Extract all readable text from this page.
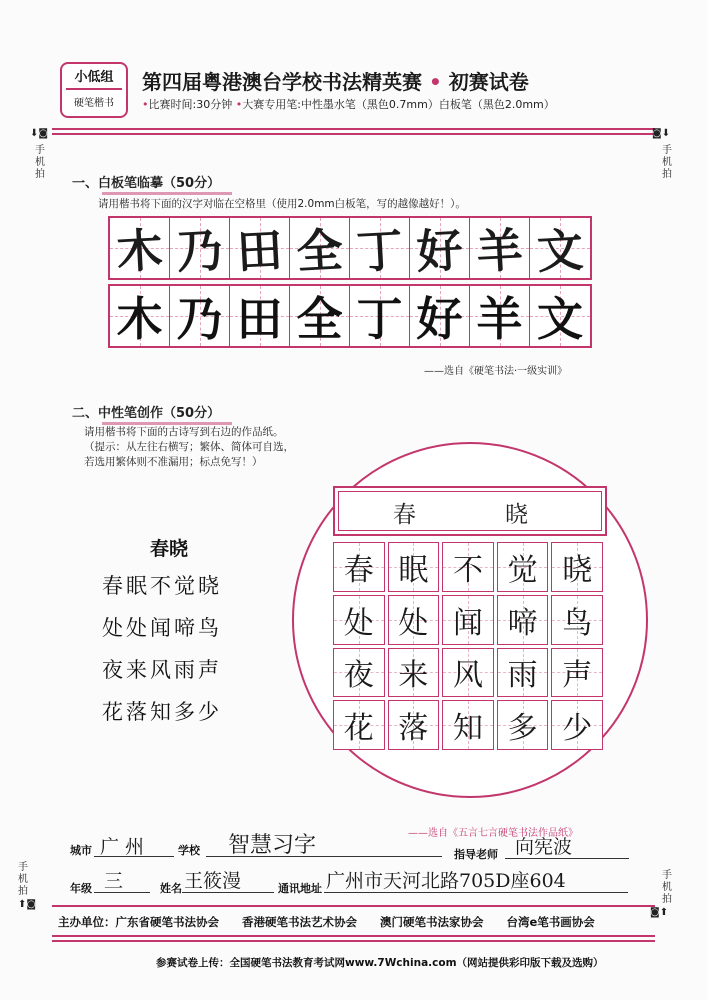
小低组
硬笔楷书
第四届粤港澳台学校书法精英赛 • 初赛试卷
•比赛时间:30分钟 •大赛专用笔:中性墨水笔（黑色0.7mm）白板笔（黑色2.0mm）
⬇◙
手机拍
◙⬇
手机拍
手机拍
⬆◙
手机拍
◙⬆
一、白板笔临摹（50分）
请用楷书将下面的汉字对临在空格里（使用2.0mm白板笔，写的越像越好！）。
木 乃 田 全 丁 好 羊 文
木 乃 田 全 丁 好 羊 文
——选自《硬笔书法·一级实训》
二、中性笔创作（50分）
请用楷书将下面的古诗写到右边的作品纸。
（提示：从左往右横写；繁体、简体可自选，
若选用繁体则不准漏用；标点免写！）
春晓
春眠不觉晓
处处闻啼鸟
夜来风雨声
花落知多少
春	晓
春 眠 不 觉 晓
处 处 闻 啼 鸟
夜 来 风 雨 声
花 落 知 多 少
——选自《五言七言硬笔书法作品纸》
城市 广 州	学校 智慧习字	指导老师 向宪波
年级 三	姓名 王筱漫	通讯地址 广州市天河北路705D座604
主办单位：广东省硬笔书法协会　　香港硬笔书法艺术协会　　澳门硬笔书法家协会　　台湾e笔书画协会
参赛试卷上传：全国硬笔书法教育考试网www.7Wchina.com（网站提供彩印版下载及选购）
